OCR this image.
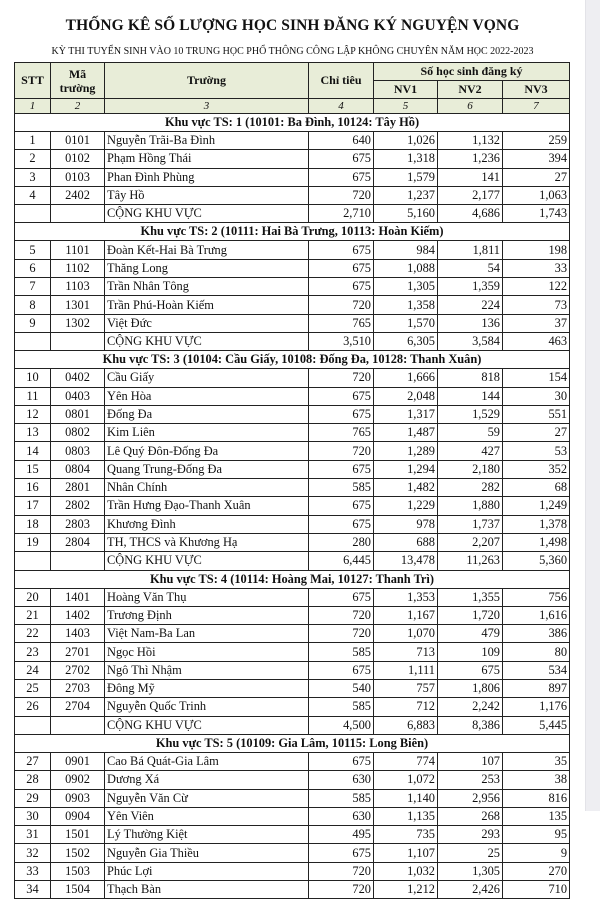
THỐNG KÊ SỐ LƯỢNG HỌC SINH ĐĂNG KÝ NGUYỆN VỌNG
KỲ THI TUYỂN SINH VÀO 10 TRUNG HỌC PHỔ THÔNG CÔNG LẬP KHÔNG CHUYÊN NĂM HỌC 2022-2023
STT	Mã trường	Trường	Chỉ tiêu	Số học sinh đăng ký		
				NV1	NV2	NV3
1	2	3	4	5	6	7
Khu vực TS: 1 (10101: Ba Đình, 10124: Tây Hồ)						
1	0101	Nguyễn Trãi-Ba Đình	640	1,026	1,132	259
2	0102	Phạm Hồng Thái	675	1,318	1,236	394
3	0103	Phan Đình Phùng	675	1,579	141	27
4	2402	Tây Hồ	720	1,237	2,177	1,063
		CỘNG KHU VỰC	2,710	5,160	4,686	1,743
Khu vực TS: 2 (10111: Hai Bà Trưng, 10113: Hoàn Kiếm)						
5	1101	Đoàn Kết-Hai Bà Trưng	675	984	1,811	198
6	1102	Thăng Long	675	1,088	54	33
7	1103	Trần Nhân Tông	675	1,305	1,359	122
8	1301	Trần Phú-Hoàn Kiếm	720	1,358	224	73
9	1302	Việt Đức	765	1,570	136	37
		CỘNG KHU VỰC	3,510	6,305	3,584	463
Khu vực TS: 3 (10104: Cầu Giấy, 10108: Đống Đa, 10128: Thanh Xuân)						
10	0402	Cầu Giấy	720	1,666	818	154
11	0403	Yên Hòa	675	2,048	144	30
12	0801	Đống Đa	675	1,317	1,529	551
13	0802	Kim Liên	765	1,487	59	27
14	0803	Lê Quý Đôn-Đống Đa	720	1,289	427	53
15	0804	Quang Trung-Đống Đa	675	1,294	2,180	352
16	2801	Nhân Chính	585	1,482	282	68
17	2802	Trần Hưng Đạo-Thanh Xuân	675	1,229	1,880	1,249
18	2803	Khương Đình	675	978	1,737	1,378
19	2804	TH, THCS và Khương Hạ	280	688	2,207	1,498
		CỘNG KHU VỰC	6,445	13,478	11,263	5,360
Khu vực TS: 4 (10114: Hoàng Mai, 10127: Thanh Trì)						
20	1401	Hoàng Văn Thụ	675	1,353	1,355	756
21	1402	Trương Định	720	1,167	1,720	1,616
22	1403	Việt Nam-Ba Lan	720	1,070	479	386
23	2701	Ngọc Hồi	585	713	109	80
24	2702	Ngô Thì Nhậm	675	1,111	675	534
25	2703	Đông Mỹ	540	757	1,806	897
26	2704	Nguyễn Quốc Trinh	585	712	2,242	1,176
		CỘNG KHU VỰC	4,500	6,883	8,386	5,445
Khu vực TS: 5 (10109: Gia Lâm, 10115: Long Biên)						
27	0901	Cao Bá Quát-Gia Lâm	675	774	107	35
28	0902	Dương Xá	630	1,072	253	38
29	0903	Nguyễn Văn Cừ	585	1,140	2,956	816
30	0904	Yên Viên	630	1,135	268	135
31	1501	Lý Thường Kiệt	495	735	293	95
32	1502	Nguyễn Gia Thiều	675	1,107	25	9
33	1503	Phúc Lợi	720	1,032	1,305	270
34	1504	Thạch Bàn	720	1,212	2,426	710
